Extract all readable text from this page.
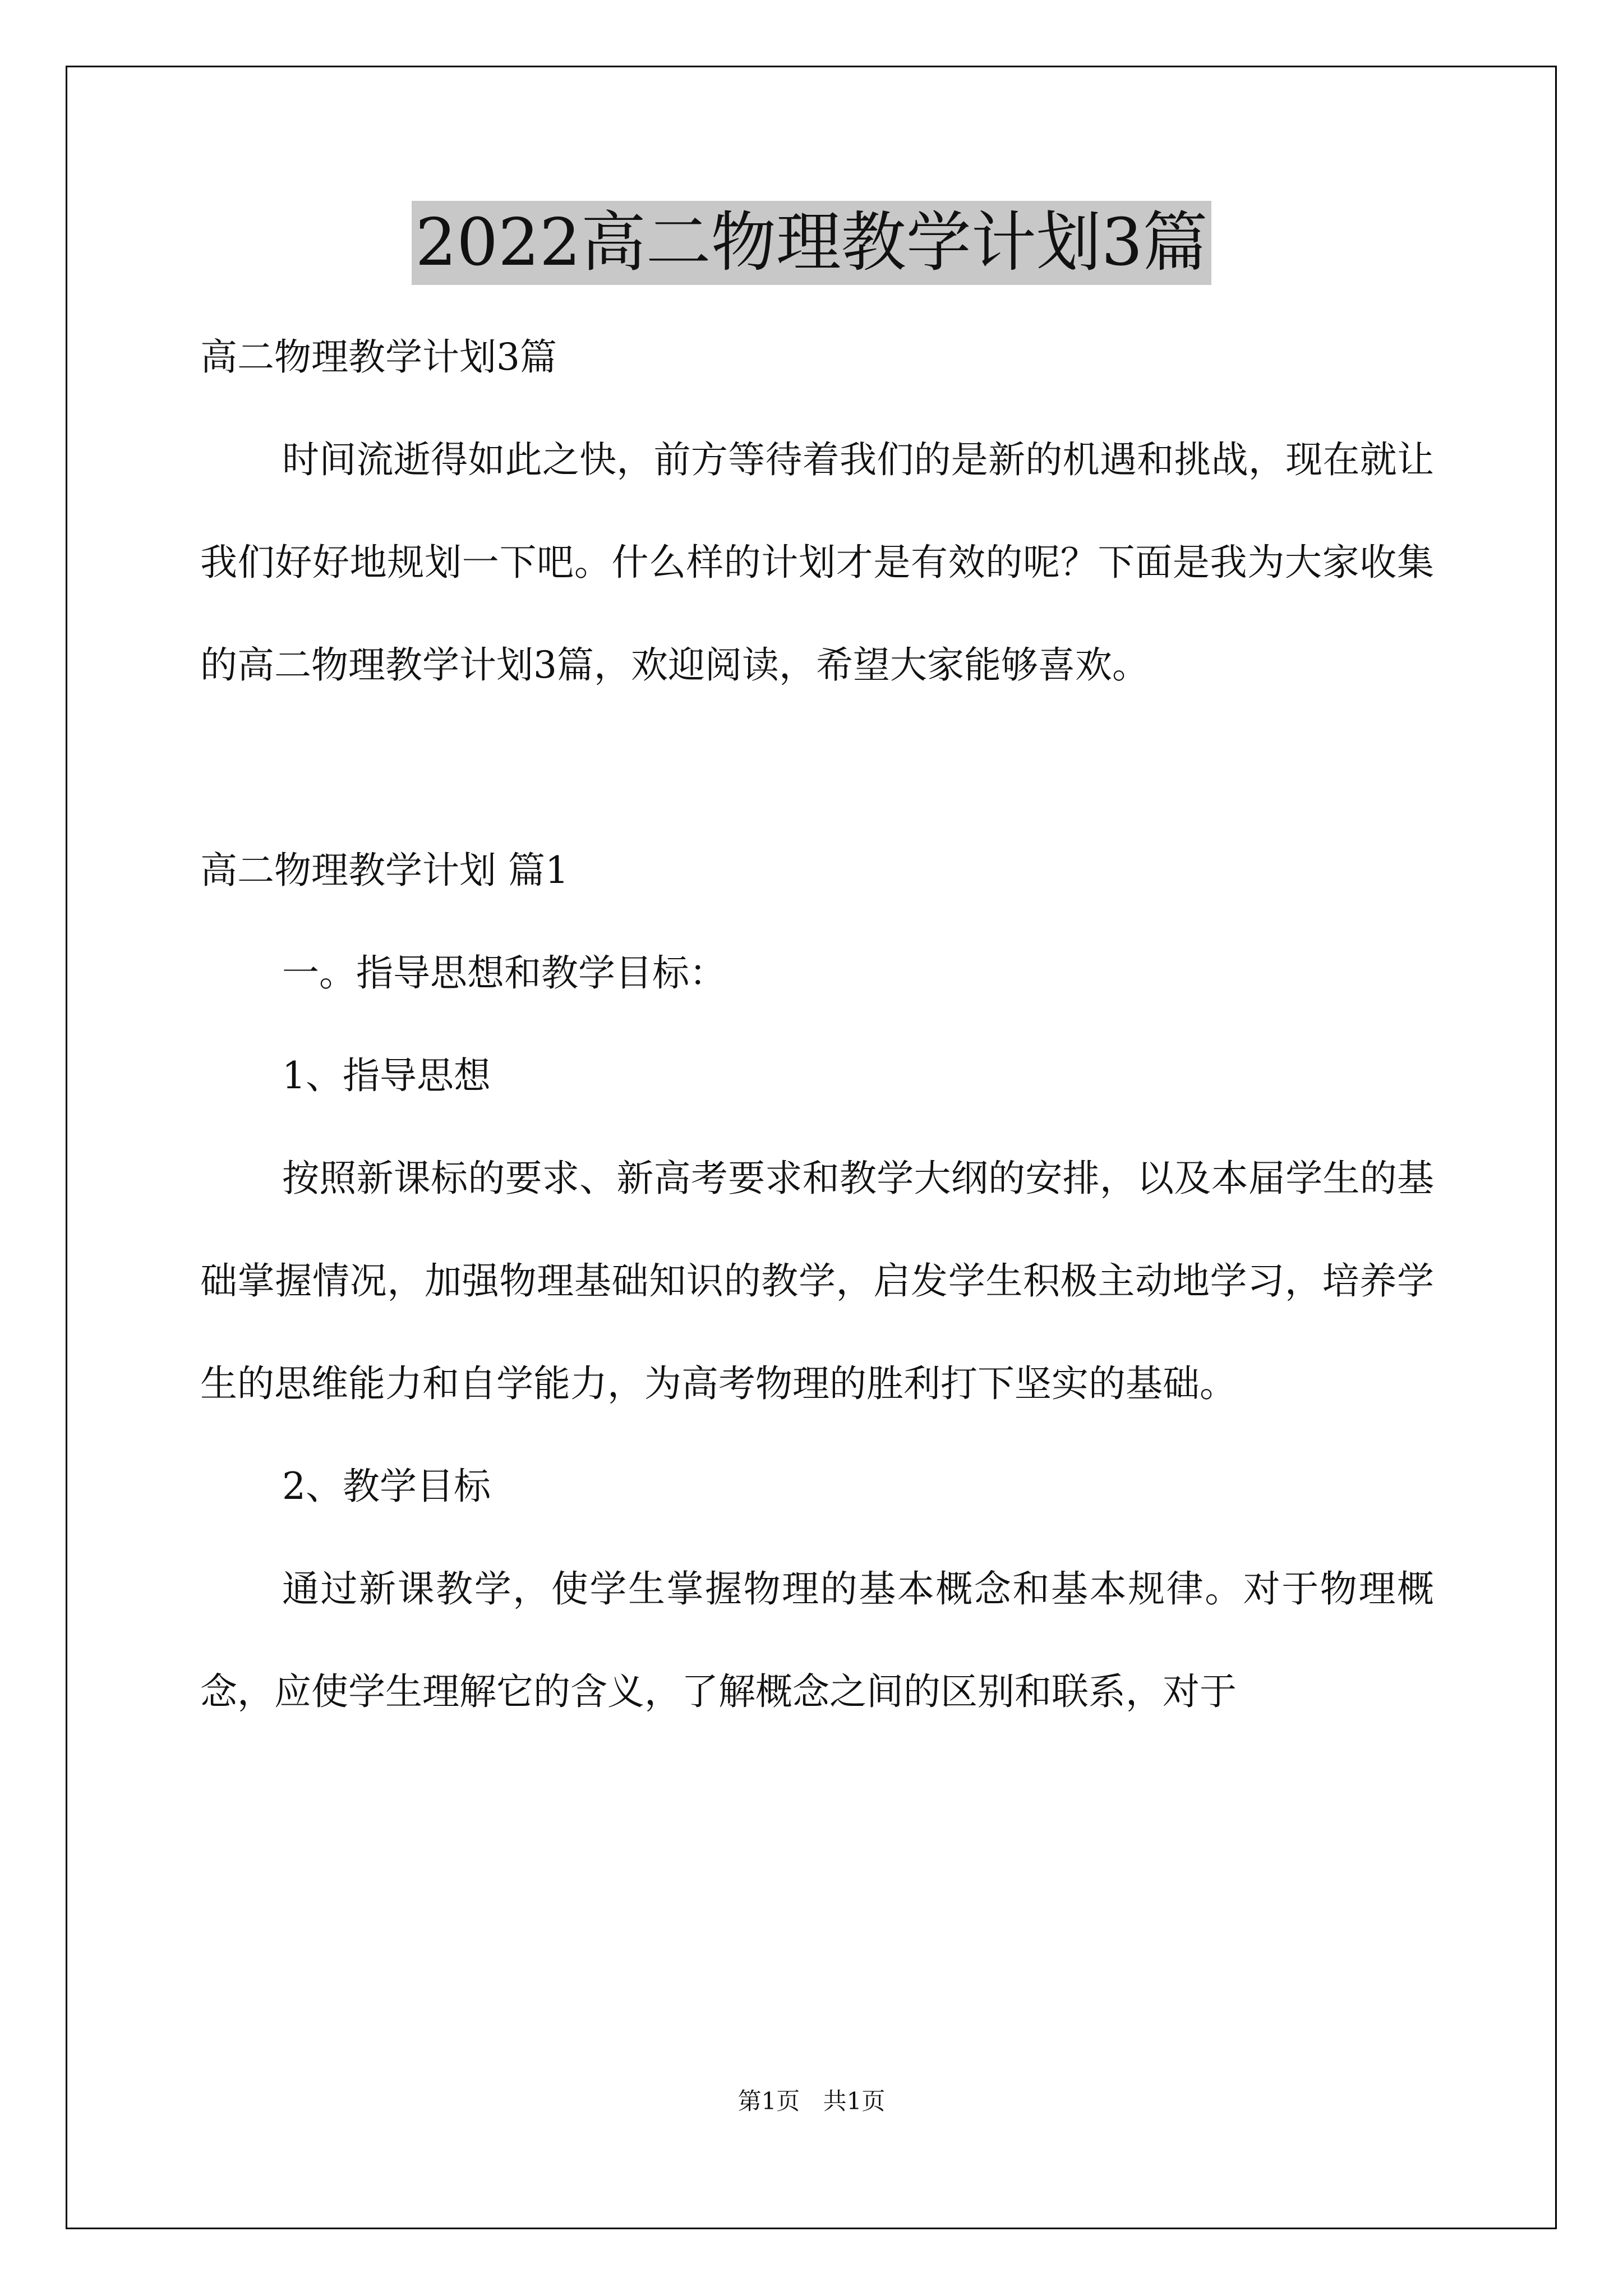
2022高二物理教学计划3篇

高二物理教学计划3篇

时间流逝得如此之快，前方等待着我们的是新的机遇和挑战，现在就让我们好好地规划一下吧。什么样的计划才是有效的呢？下面是我为大家收集的高二物理教学计划3篇，欢迎阅读，希望大家能够喜欢。

高二物理教学计划 篇1

一。指导思想和教学目标：

1、指导思想

按照新课标的要求、新高考要求和教学大纲的安排，以及本届学生的基础掌握情况，加强物理基础知识的教学，启发学生积极主动地学习，培养学生的思维能力和自学能力，为高考物理的胜利打下坚实的基础。

2、教学目标

通过新课教学，使学生掌握物理的基本概念和基本规律。对于物理概念，应使学生理解它的含义，了解概念之间的区别和联系，对于

第1页 共1页
